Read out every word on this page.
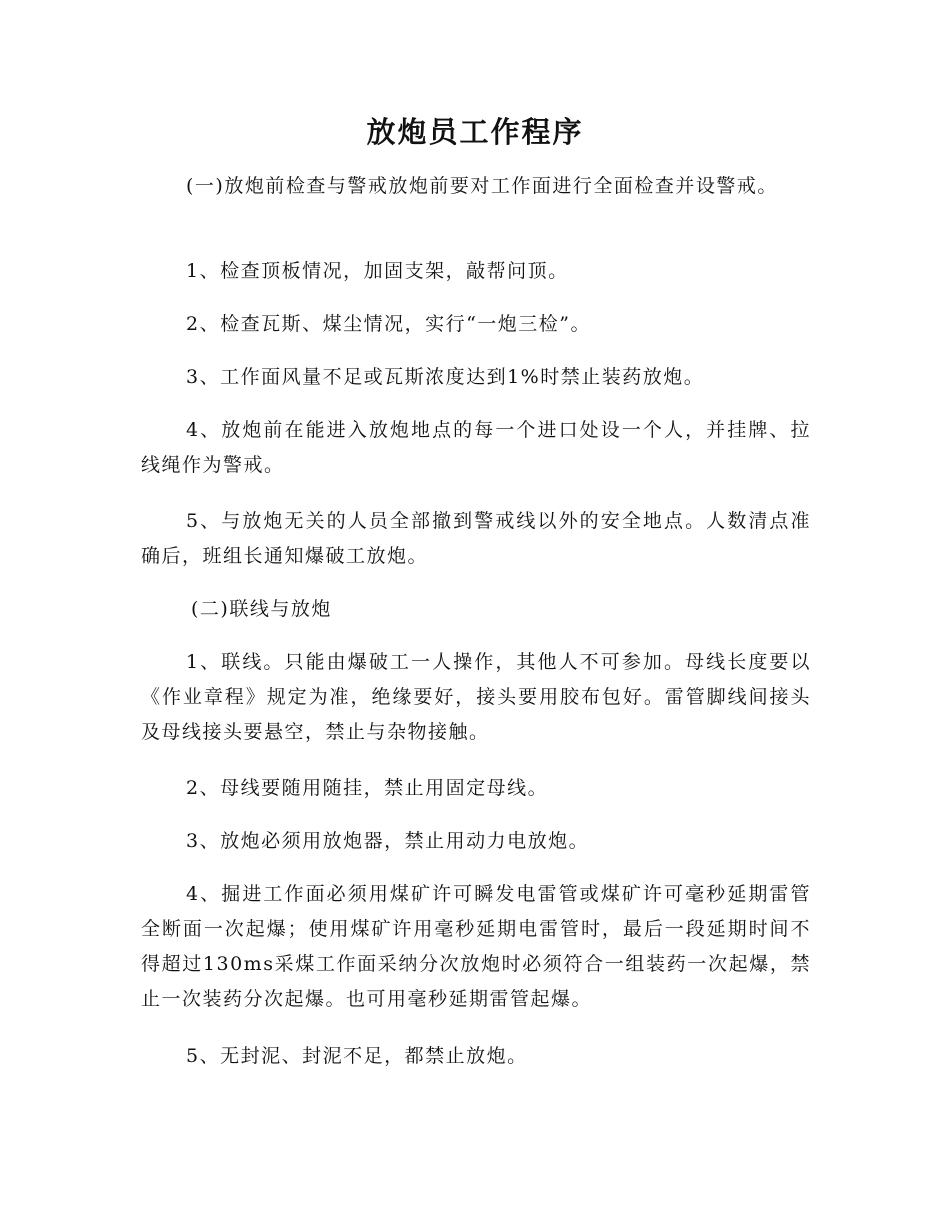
放炮员工作程序

(一)放炮前检查与警戒放炮前要对工作面进行全面检查并设警戒。

1、检查顶板情况，加固支架，敲帮问顶。

2、检查瓦斯、煤尘情况，实行“一炮三检”。

3、工作面风量不足或瓦斯浓度达到1%时禁止装药放炮。

4、放炮前在能进入放炮地点的每一个进口处设一个人，并挂牌、拉线绳作为警戒。

5、与放炮无关的人员全部撤到警戒线以外的安全地点。人数清点准确后，班组长通知爆破工放炮。

(二)联线与放炮

1、联线。只能由爆破工一人操作，其他人不可参加。母线长度要以《作业章程》规定为准，绝缘要好，接头要用胶布包好。雷管脚线间接头及母线接头要悬空，禁止与杂物接触。

2、母线要随用随挂，禁止用固定母线。

3、放炮必须用放炮器，禁止用动力电放炮。

4、掘进工作面必须用煤矿许可瞬发电雷管或煤矿许可毫秒延期雷管全断面一次起爆；使用煤矿许用毫秒延期电雷管时，最后一段延期时间不得超过130ms采煤工作面采纳分次放炮时必须符合一组装药一次起爆，禁止一次装药分次起爆。也可用毫秒延期雷管起爆。

5、无封泥、封泥不足，都禁止放炮。
